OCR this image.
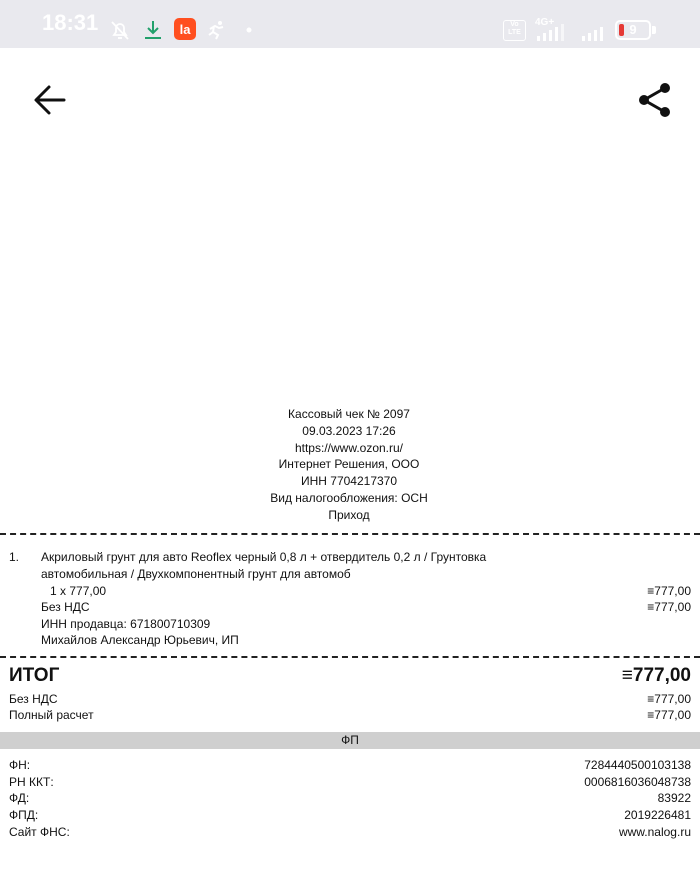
18:31	la	Vo LTE
4G+	9
Кассовый чек № 2097
09.03.2023 17:26
https://www.ozon.ru/
Интернет Решения, ООО
ИНН 7704217370
Вид налогообложения: ОСН
Приход
1. Акриловый грунт для авто Reoflex черный 0,8 л + отвердитель 0,2 л / Грунтовка
автомобильная / Двухкомпонентный грунт для автомоб
1 x 777,00	≡777,00
Без НДС	≡777,00
ИНН продавца: 671800710309
Михайлов Александр Юрьевич, ИП
ИТОГ	≡777,00
Без НДС	≡777,00
Полный расчет	≡777,00
ФП
ФН:	7284440500103138
РН ККТ:	0006816036048738
ФД:	83922
ФПД:	2019226481
Сайт ФНС:	www.nalog.ru
